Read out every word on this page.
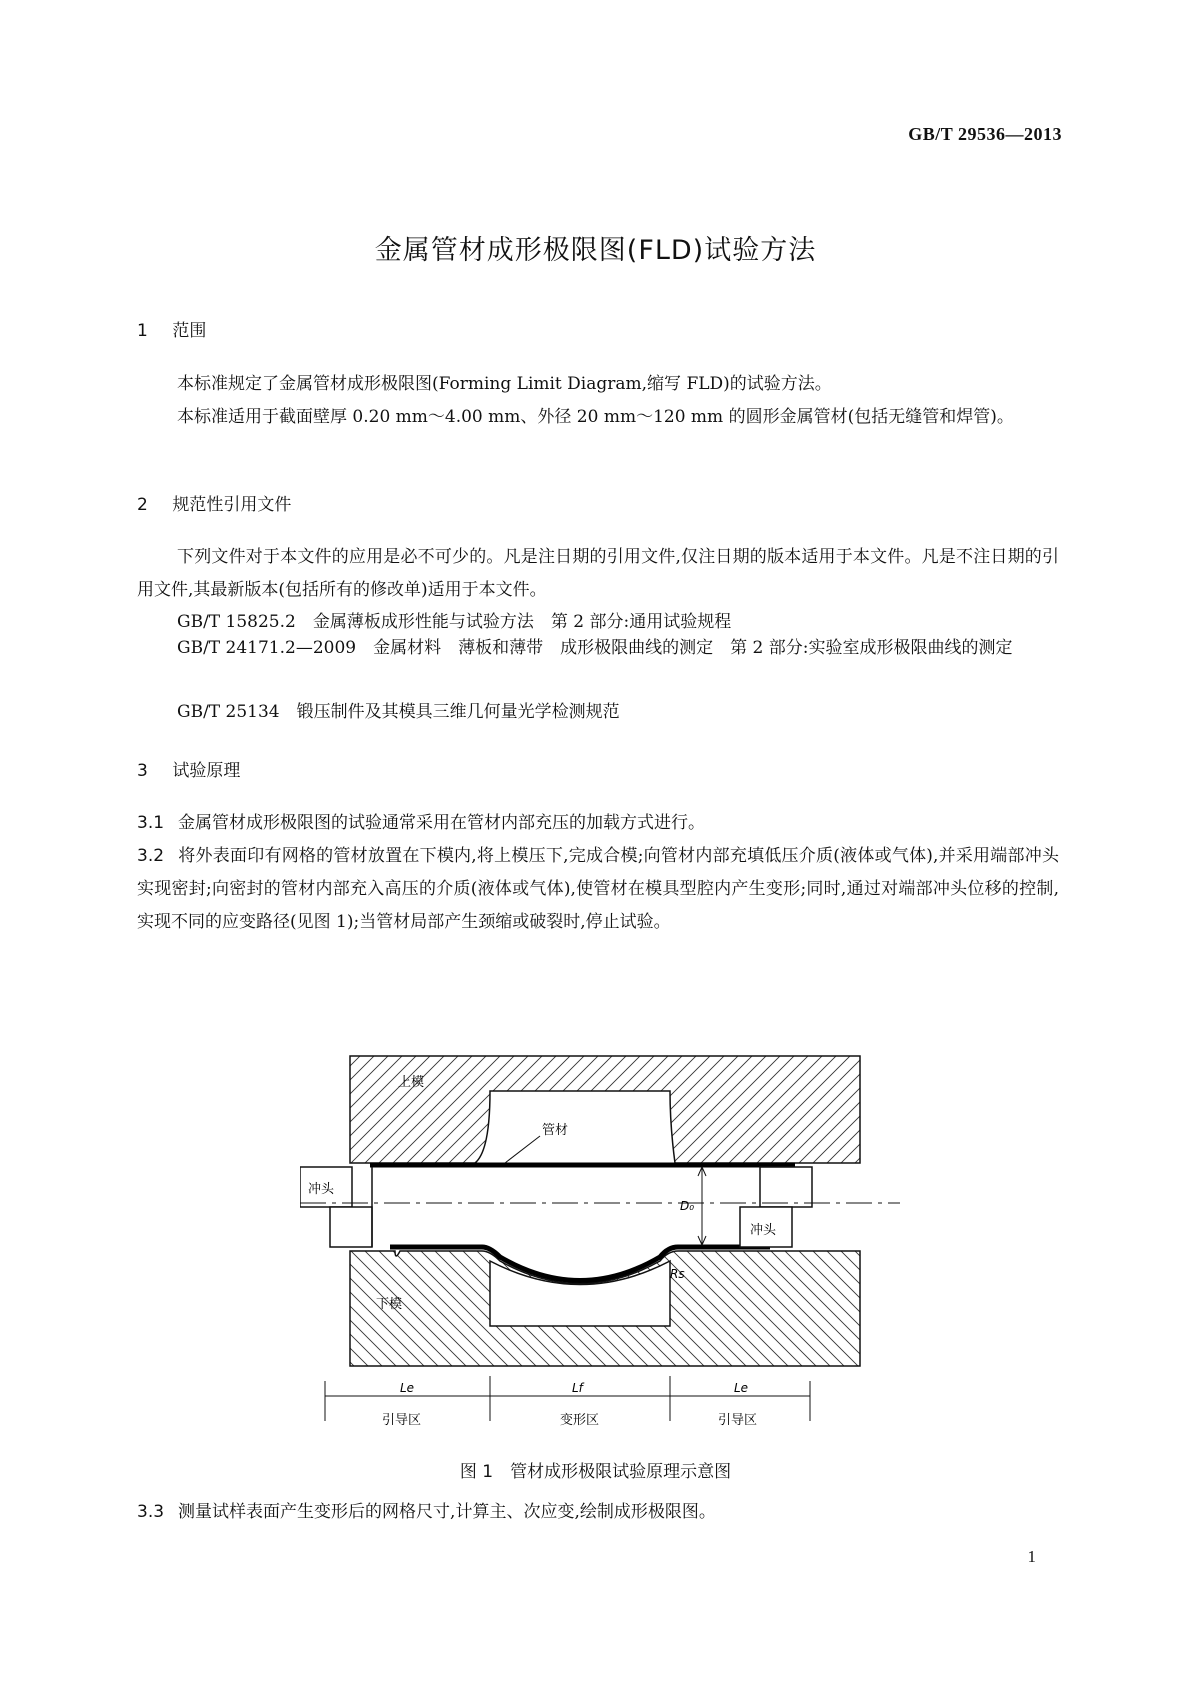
GB/T 29536—2013
金属管材成形极限图(FLD)试验方法
1 范围
本标准规定了金属管材成形极限图(Forming Limit Diagram,缩写 FLD)的试验方法。
本标准适用于截面壁厚 0.20 mm～4.00 mm、外径 20 mm～120 mm 的圆形金属管材(包括无缝管和焊管)。
2 规范性引用文件
下列文件对于本文件的应用是必不可少的。凡是注日期的引用文件,仅注日期的版本适用于本文件。凡是不注日期的引用文件,其最新版本(包括所有的修改单)适用于本文件。
GB/T 15825.2　金属薄板成形性能与试验方法　第 2 部分:通用试验规程
GB/T 24171.2—2009　金属材料　薄板和薄带　成形极限曲线的测定　第 2 部分:实验室成形极限曲线的测定
GB/T 25134　锻压制件及其模具三维几何量光学检测规范
3 试验原理
3.1 金属管材成形极限图的试验通常采用在管材内部充压的加载方式进行。
3.2 将外表面印有网格的管材放置在下模内,将上模压下,完成合模;向管材内部充填低压介质(液体或气体),并采用端部冲头实现密封;向密封的管材内部充入高压的介质(液体或气体),使管材在模具型腔内产生变形;同时,通过对端部冲头位移的控制,实现不同的应变路径(见图 1);当管材局部产生颈缩或破裂时,停止试验。
上模
管材
冲头
冲头
下模
D₀
Rs
Le	Lf	Le
引导区	变形区	引导区
图 1　管材成形极限试验原理示意图
3.3 测量试样表面产生变形后的网格尺寸,计算主、次应变,绘制成形极限图。
1
